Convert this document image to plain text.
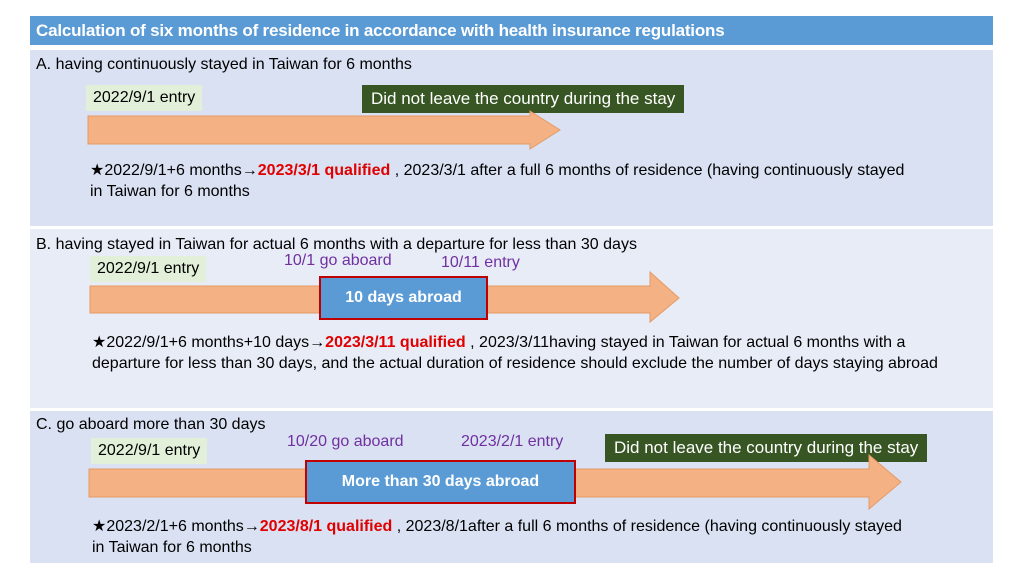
Calculation of six months of residence in accordance with health insurance regulations
A. having continuously stayed in Taiwan for 6 months
2022/9/1 entry	Did not leave the country during the stay
★2022/9/1+6 months→2023/3/1 qualified , 2023/3/1 after a full 6 months of residence (having continuously stayed in Taiwan for 6 months
B. having stayed in Taiwan for actual 6 months with a departure for less than 30 days
2022/9/1 entry	10/1 go aboard	10/11 entry
10 days abroad
★2022/9/1+6 months+10 days→2023/3/11 qualified , 2023/3/11having stayed in Taiwan for actual 6 months with a departure for less than 30 days, and the actual duration of residence should exclude the number of days staying abroad
C. go aboard more than 30 days
2022/9/1 entry
10/20 go aboard	2023/2/1 entry	Did not leave the country during the stay
More than 30 days abroad
★2023/2/1+6 months→2023/8/1 qualified , 2023/8/1after a full 6 months of residence (having continuously stayed in Taiwan for 6 months
